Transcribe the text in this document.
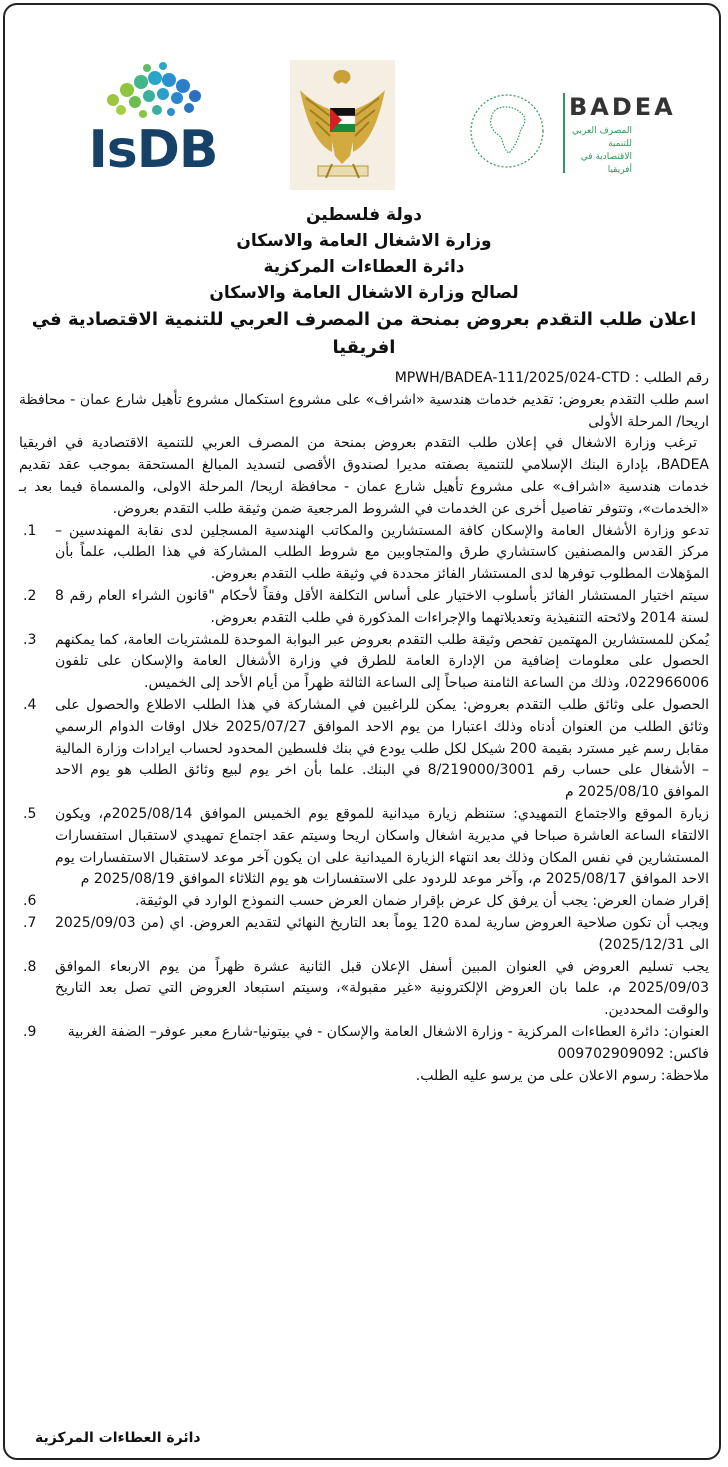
IsDB
BADEA
المصرف العربي للتنمية الاقتصادية في أفريقيا
دولة فلسطين
وزارة الاشغال العامة والاسكان
دائرة العطاءات المركزية
لصالح وزارة الاشغال العامة والاسكان
اعلان طلب التقدم بعروض بمنحة من المصرف العربي للتنمية الاقتصادية في افريقيا

رقم الطلب : MPWH/BADEA-111/2025/024-CTD

اسم طلب التقدم بعروض: تقديم خدمات هندسية «اشراف» على مشروع استكمال مشروع تأهيل شارع عمان - محافظة اريحا/ المرحلة الأولى

ترغب وزارة الاشغال في إعلان طلب التقدم بعروض بمنحة من المصرف العربي للتنمية الاقتصادية في افريقيا BADEA، بإدارة البنك الإسلامي للتنمية بصفته مديرا لصندوق الأقصى لتسديد المبالغ المستحقة بموجب عقد تقديم خدمات هندسية «اشراف» على مشروع تأهيل شارع عمان - محافظة اريحا/ المرحلة الاولى، والمسماة فيما بعد بـ «الخدمات»، وتتوفر تفاصيل أخرى عن الخدمات في الشروط المرجعية ضمن وثيقة طلب التقدم بعروض.

.1 تدعو وزارة الأشغال العامة والإسكان كافة المستشارين والمكاتب الهندسية المسجلين لدى نقابة المهندسين – مركز القدس والمصنفين كاستشاري طرق والمتجاوبين مع شروط الطلب المشاركة في هذا الطلب، علماً بأن المؤهلات المطلوب توفرها لدى المستشار الفائز محددة في وثيقة طلب التقدم بعروض.
.2 سيتم اختيار المستشار الفائز بأسلوب الاختيار على أساس التكلفة الأقل وفقاً لأحكام "قانون الشراء العام رقم 8 لسنة 2014 ولائحته التنفيذية وتعديلاتهما والإجراءات المذكورة في طلب التقدم بعروض.
.3 يُمكن للمستشارين المهتمين تفحص وثيقة طلب التقدم بعروض عبر البوابة الموحدة للمشتريات العامة، كما يمكنهم الحصول على معلومات إضافية من الإدارة العامة للطرق في وزارة الأشغال العامة والإسكان على تلفون 022966006، وذلك من الساعة الثامنة صباحاً إلى الساعة الثالثة ظهراً من أيام الأحد إلى الخميس.
.4 الحصول على وثائق طلب التقدم بعروض: يمكن للراغبين في المشاركة في هذا الطلب الاطلاع والحصول على وثائق الطلب من العنوان أدناه وذلك اعتبارا من يوم الاحد الموافق 2025/07/27 خلال اوقات الدوام الرسمي مقابل رسم غير مسترد بقيمة 200 شيكل لكل طلب يودع في بنك فلسطين المحدود لحساب ايرادات وزارة المالية – الأشغال على حساب رقم 8/219000/3001 في البنك. علما بأن اخر يوم لبيع وثائق الطلب هو يوم الاحد الموافق 2025/08/10 م
.5 زيارة الموقع والاجتماع التمهيدي: ستنظم زيارة ميدانية للموقع يوم الخميس الموافق 2025/08/14م، ويكون الالتقاء الساعة العاشرة صباحا في مديرية اشغال واسكان اريحا وسيتم عقد اجتماع تمهيدي لاستقبال استفسارات المستشارين في نفس المكان وذلك بعد انتهاء الزيارة الميدانية على ان يكون آخر موعد لاستقبال الاستفسارات يوم الاحد الموافق 2025/08/17 م، وآخر موعد للردود على الاستفسارات هو يوم الثلاثاء الموافق 2025/08/19 م
.6	إقرار ضمان العرض: يجب أن يرفق كل عرض بإقرار ضمان العرض حسب النموذج الوارد في الوثيقة.
.7 ويجب أن تكون صلاحية العروض سارية لمدة 120 يوماً بعد التاريخ النهائي لتقديم العروض. اي (من 2025/09/03 الى 2025/12/31)
.8 يجب تسليم العروض في العنوان المبين أسفل الإعلان قبل الثانية عشرة ظهراً من يوم الاربعاء الموافق 2025/09/03 م، علما بان العروض الإلكترونية «غير مقبولة»، وسيتم استبعاد العروض التي تصل بعد التاريخ والوقت المحددين.
.9 العنوان: دائرة العطاءات المركزية - وزارة الاشغال العامة والإسكان - في بيتونيا-شارع معبر عوفر– الضفة الغربية

فاكس: 009702909092

ملاحظة: رسوم الاعلان على من يرسو عليه الطلب.

دائرة العطاءات المركزية
